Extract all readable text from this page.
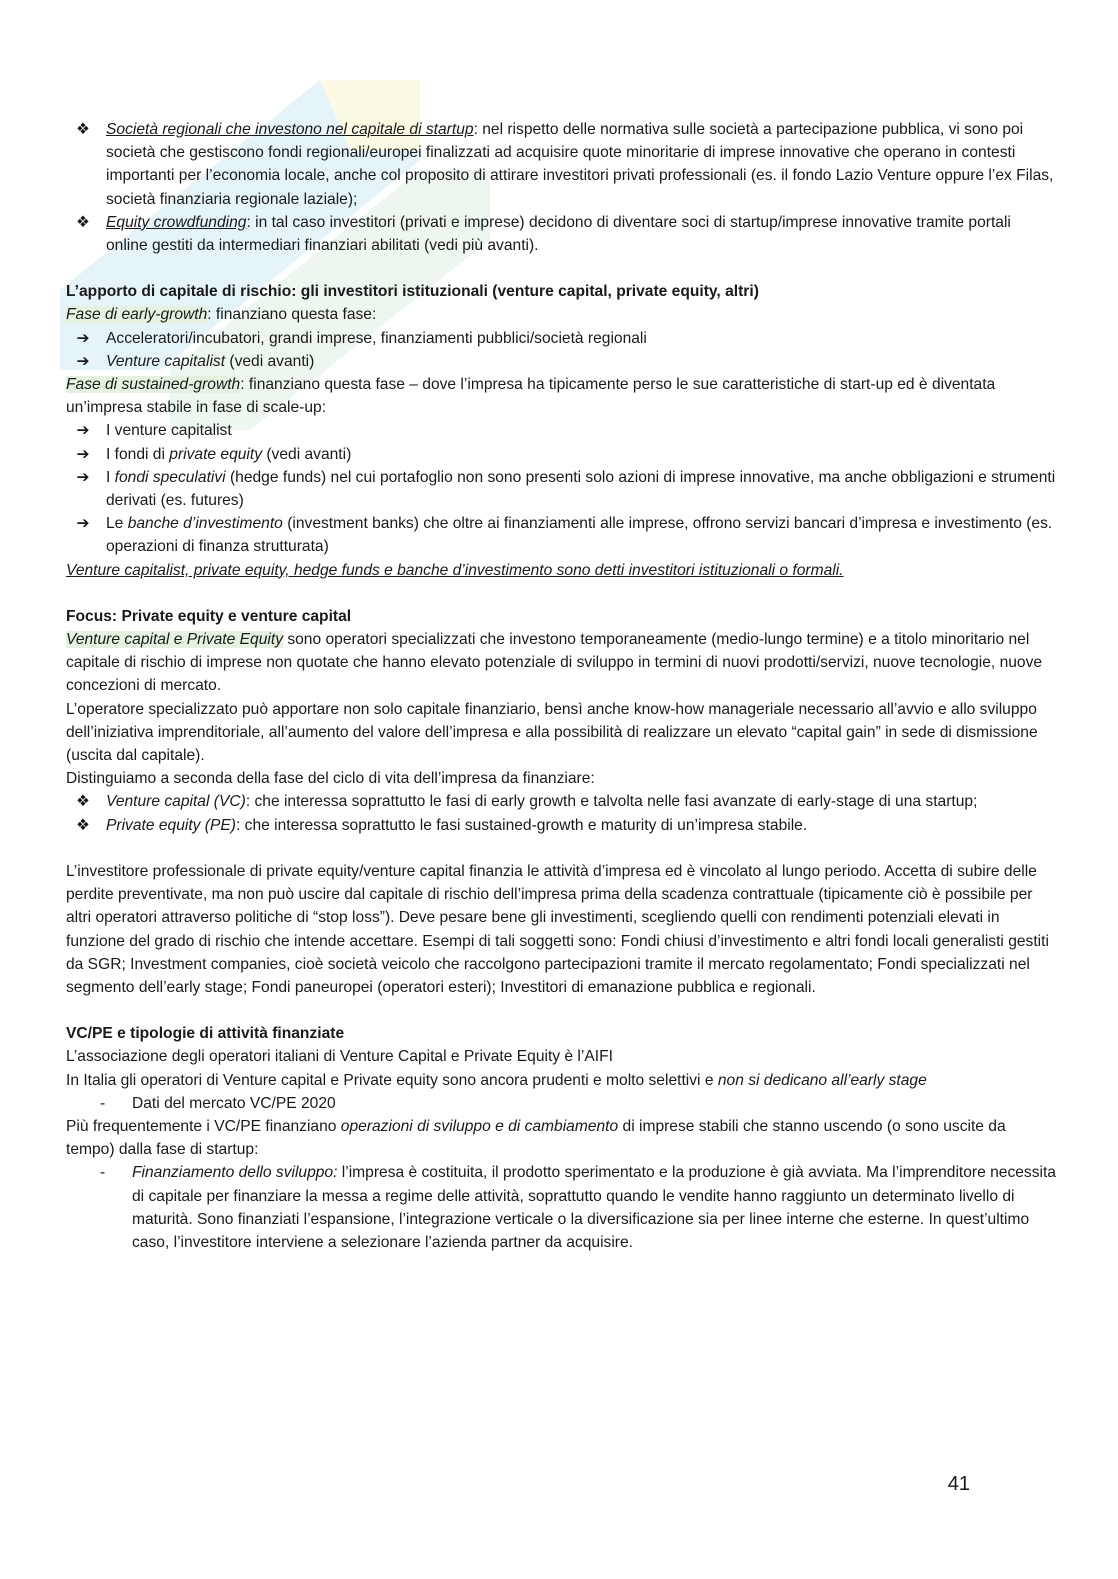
❖ Società regionali che investono nel capitale di startup: nel rispetto delle normativa sulle società a partecipazione pubblica, vi sono poi società che gestiscono fondi regionali/europei finalizzati ad acquisire quote minoritarie di imprese innovative che operano in contesti importanti per l’economia locale, anche col proposito di attirare investitori privati professionali (es. il fondo Lazio Venture oppure l’ex Filas, società finanziaria regionale laziale);

❖ Equity crowdfunding: in tal caso investitori (privati e imprese) decidono di diventare soci di startup/imprese innovative tramite portali online gestiti da intermediari finanziari abilitati (vedi più avanti).

L’apporto di capitale di rischio: gli investitori istituzionali (venture capital, private equity, altri)

Fase di early-growth: finanziano questa fase:

➔ Acceleratori/incubatori, grandi imprese, finanziamenti pubblici/società regionali

➔ Venture capitalist (vedi avanti)

Fase di sustained-growth: finanziano questa fase – dove l’impresa ha tipicamente perso le sue caratteristiche di start-up ed è diventata un’impresa stabile in fase di scale-up:

➔ I venture capitalist

➔ I fondi di private equity (vedi avanti)

➔ I fondi speculativi (hedge funds) nel cui portafoglio non sono presenti solo azioni di imprese innovative, ma anche obbligazioni e strumenti derivati (es. futures)

➔ Le banche d’investimento (investment banks) che oltre ai finanziamenti alle imprese, offrono servizi bancari d’impresa e investimento (es. operazioni di finanza strutturata)

Venture capitalist, private equity, hedge funds e banche d’investimento sono detti investitori istituzionali o formali.

Focus: Private equity e venture capital

Venture capital e Private Equity sono operatori specializzati che investono temporaneamente (medio-lungo termine) e a titolo minoritario nel capitale di rischio di imprese non quotate che hanno elevato potenziale di sviluppo in termini di nuovi prodotti/servizi, nuove tecnologie, nuove concezioni di mercato.

L’operatore specializzato può apportare non solo capitale finanziario, bensì anche know-how manageriale necessario all’avvio e allo sviluppo dell’iniziativa imprenditoriale, all’aumento del valore dell’impresa e alla possibilità di realizzare un elevato “capital gain” in sede di dismissione (uscita dal capitale).

Distinguiamo a seconda della fase del ciclo di vita dell’impresa da finanziare:

❖ Venture capital (VC): che interessa soprattutto le fasi di early growth e talvolta nelle fasi avanzate di early-stage di una startup;

❖ Private equity (PE): che interessa soprattutto le fasi sustained-growth e maturity di un’impresa stabile.

L’investitore professionale di private equity/venture capital finanzia le attività d’impresa ed è vincolato al lungo periodo. Accetta di subire delle perdite preventivate, ma non può uscire dal capitale di rischio dell’impresa prima della scadenza contrattuale (tipicamente ciò è possibile per altri operatori attraverso politiche di “stop loss”). Deve pesare bene gli investimenti, scegliendo quelli con rendimenti potenziali elevati in funzione del grado di rischio che intende accettare. Esempi di tali soggetti sono: Fondi chiusi d’investimento e altri fondi locali generalisti gestiti da SGR; Investment companies, cioè società veicolo che raccolgono partecipazioni tramite il mercato regolamentato; Fondi specializzati nel segmento dell’early stage; Fondi paneuropei (operatori esteri); Investitori di emanazione pubblica e regionali.

VC/PE e tipologie di attività finanziate

L’associazione degli operatori italiani di Venture Capital e Private Equity è l’AIFI

In Italia gli operatori di Venture capital e Private equity sono ancora prudenti e molto selettivi e non si dedicano all’early stage

- Dati del mercato VC/PE 2020

Più frequentemente i VC/PE finanziano operazioni di sviluppo e di cambiamento di imprese stabili che stanno uscendo (o sono uscite da tempo) dalla fase di startup:

- Finanziamento dello sviluppo: l’impresa è costituita, il prodotto sperimentato e la produzione è già avviata. Ma l’imprenditore necessita di capitale per finanziare la messa a regime delle attività, soprattutto quando le vendite hanno raggiunto un determinato livello di maturità. Sono finanziati l’espansione, l’integrazione verticale o la diversificazione sia per linee interne che esterne. In quest’ultimo caso, l’investitore interviene a selezionare l’azienda partner da acquisire.

41
